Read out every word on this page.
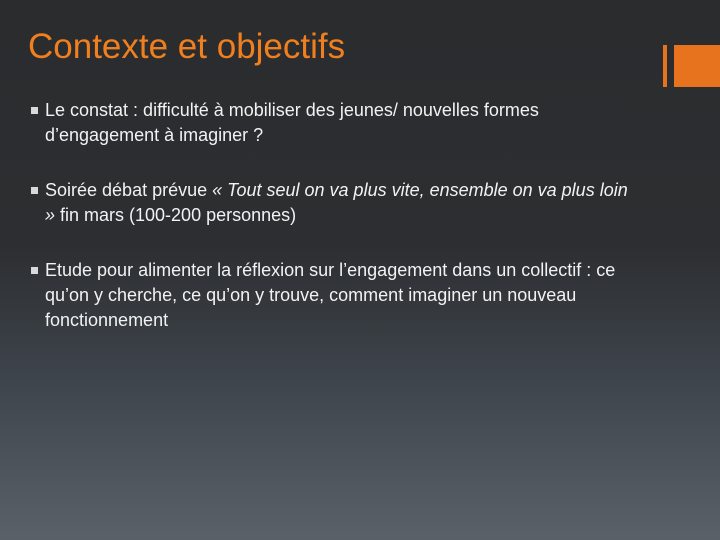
Contexte et objectifs
Le constat : difficulté à mobiliser des jeunes/ nouvelles formes d’engagement à imaginer ?
Soirée débat prévue « Tout seul on va plus vite, ensemble on va plus loin » fin mars (100-200 personnes)
Etude pour alimenter la réflexion sur l’engagement dans un collectif : ce qu’on y cherche, ce qu’on y trouve, comment imaginer un nouveau fonctionnement
